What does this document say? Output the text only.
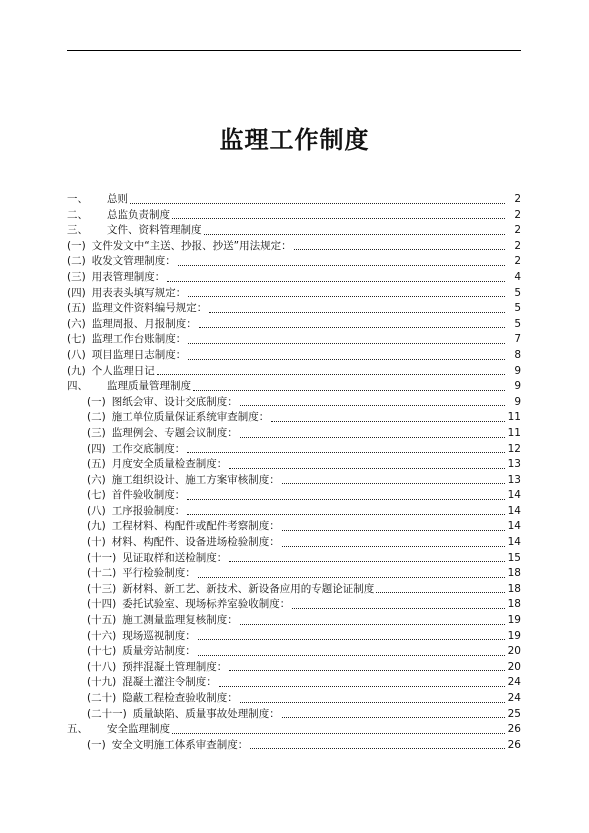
监理工作制度
一、	总则	2
二、	总监负责制度	2
三、	文件、资料管理制度	2
(一) 文件发文中“主送、抄报、抄送”用法规定：	2
(二) 收发文管理制度：	2
(三) 用表管理制度：	4
(四) 用表表头填写规定：	5
(五) 监理文件资料编号规定：	5
(六) 监理周报、月报制度：	5
(七) 监理工作台账制度：	7
(八) 项目监理日志制度：	8
(九) 个人监理日记	9
四、	监理质量管理制度	9
(一) 图纸会审、设计交底制度：	9
(二) 施工单位质量保证系统审查制度：	11
(三) 监理例会、专题会议制度：	11
(四) 工作交底制度：	12
(五) 月度安全质量检查制度：	13
(六) 施工组织设计、施工方案审核制度：	13
(七) 首件验收制度：	14
(八) 工序报验制度：	14
(九) 工程材料、构配件或配件考察制度：	14
(十) 材料、构配件、设备进场检验制度：	14
(十一) 见证取样和送检制度：	15
(十二) 平行检验制度：	18
(十三) 新材料、新工艺、新技术、新设备应用的专题论证制度	18
(十四) 委托试验室、现场标养室验收制度：	18
(十五) 施工测量监理复核制度：	19
(十六) 现场巡视制度：	19
(十七) 质量旁站制度：	20
(十八) 预拌混凝土管理制度：	20
(十九) 混凝土灌注令制度：	24
(二十) 隐蔽工程检查验收制度：	24
(二十一) 质量缺陷、质量事故处理制度：	25
五、	安全监理制度	26
(一) 安全文明施工体系审查制度：	26
